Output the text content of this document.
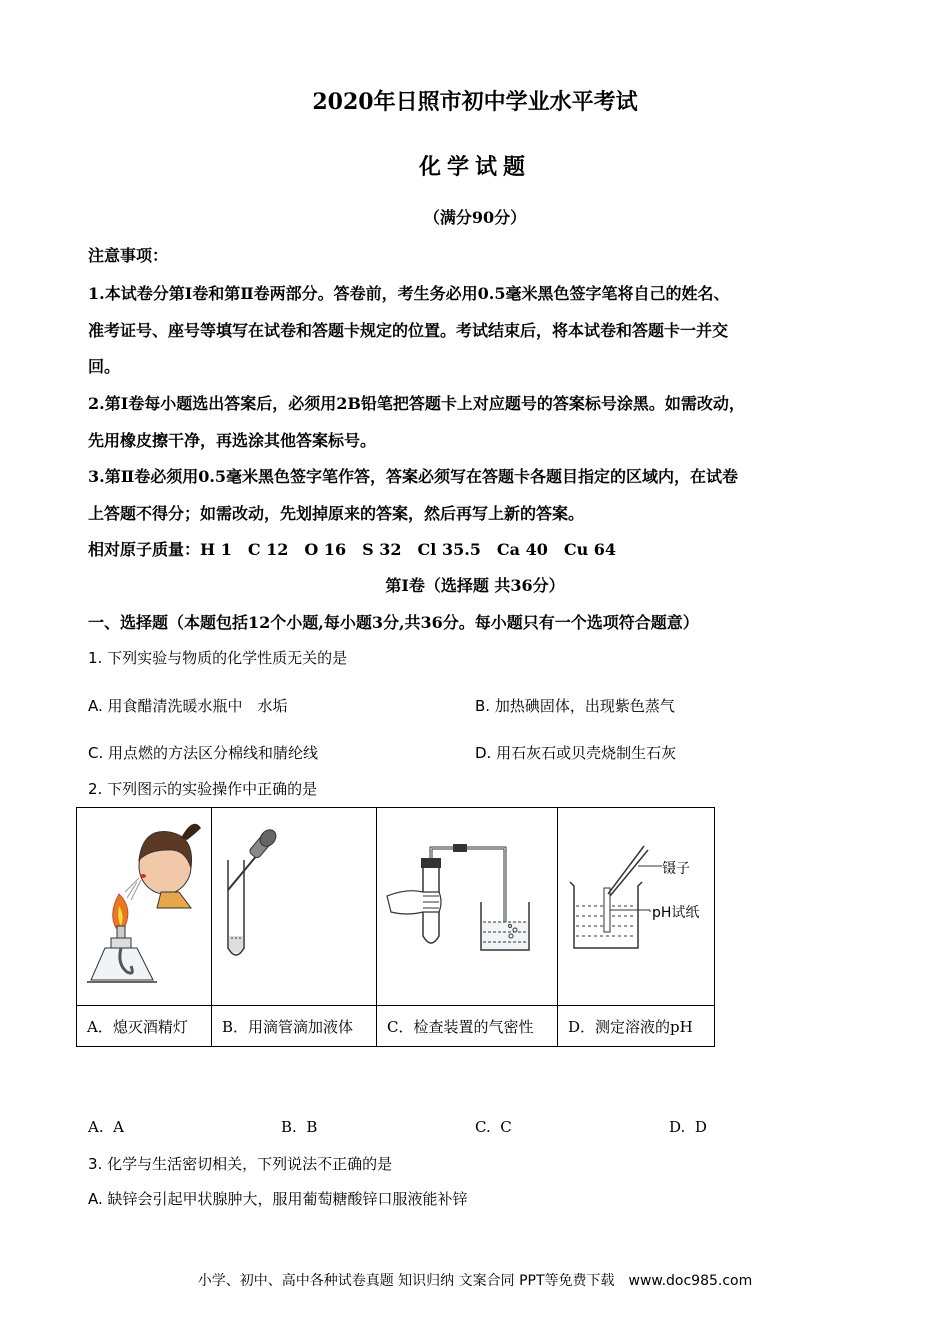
2020年日照市初中学业水平考试
化学试题
（满分90分）
注意事项：
1.本试卷分第Ⅰ卷和第Ⅱ卷两部分。答卷前，考生务必用0.5毫米黑色签字笔将自己的姓名、
准考证号、座号等填写在试卷和答题卡规定的位置。考试结束后，将本试卷和答题卡一并交
回。
2.第Ⅰ卷每小题选出答案后，必须用2B铅笔把答题卡上对应题号的答案标号涂黑。如需改动，
先用橡皮擦干净，再选涂其他答案标号。
3.第Ⅱ卷必须用0.5毫米黑色签字笔作答，答案必须写在答题卡各题目指定的区域内，在试卷
上答题不得分；如需改动，先划掉原来的答案，然后再写上新的答案。
相对原子质量：H 1　C 12　O 16　S 32　Cl 35.5　Ca 40　Cu 64
第Ⅰ卷（选择题 共36分）
一、选择题（本题包括12个小题,每小题3分,共36分。每小题只有一个选项符合题意）
1. 下列实验与物质的化学性质无关的是
A. 用食醋清洗暖水瓶中　水垢	B. 加热碘固体，出现紫色蒸气
C. 用点燃的方法区分棉线和腈纶线	D. 用石灰石或贝壳烧制生石灰
2. 下列图示的实验操作中正确的是

镊子
pH试纸

A．熄灭酒精灯	B．用滴管滴加液体	C．检查装置的气密性	D．测定溶液的pH
A. A	B. B	C. C	D. D
3. 化学与生活密切相关，下列说法不正确的是
A. 缺锌会引起甲状腺肿大，服用葡萄糖酸锌口服液能补锌
小学、初中、高中各种试卷真题 知识归纳 文案合同 PPT等免费下载　www.doc985.com
